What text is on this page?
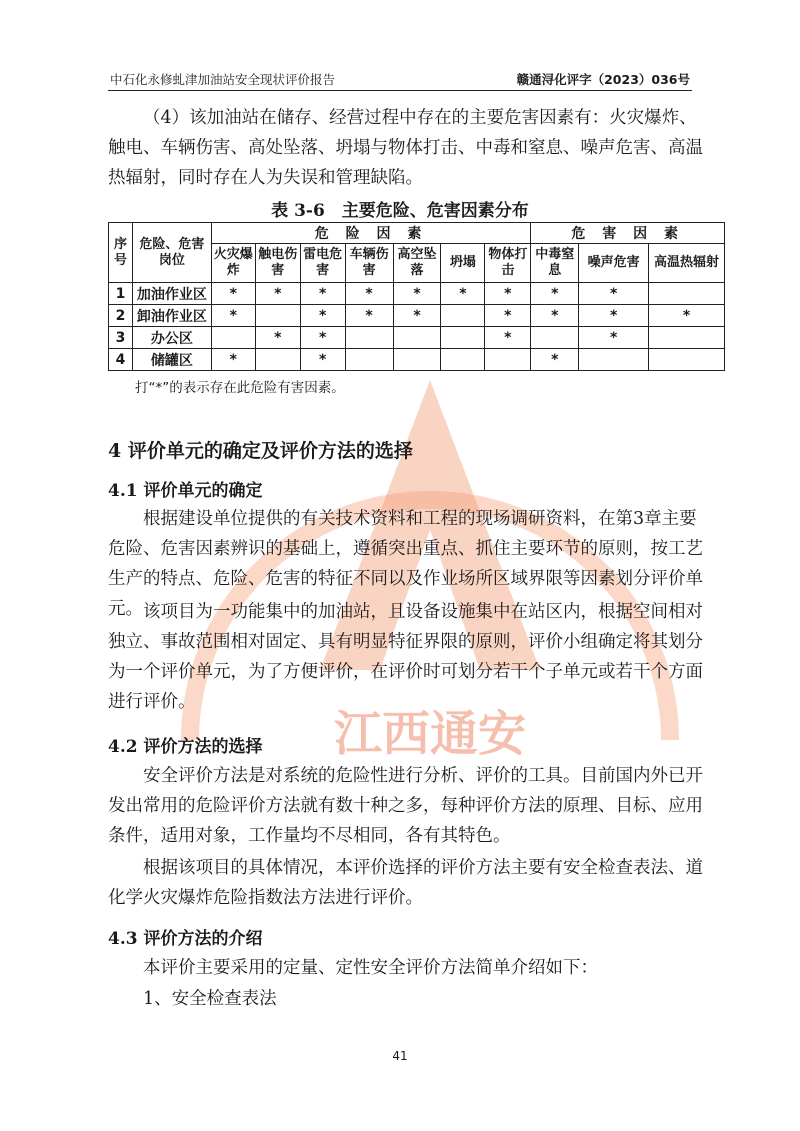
江西通安
中石化永修虬津加油站安全现状评价报告	赣通浔化评字（2023）036号

（4）该加油站在储存、经营过程中存在的主要危害因素有：火灾爆炸、触电、车辆伤害、高处坠落、坍塌与物体打击、中毒和窒息、噪声危害、高温热辐射，同时存在人为失误和管理缺陷。

表 3-6　主要危险、危害因素分布
序号	危险、危害岗位	危 险 因 素							危 害 因 素		
		火灾爆炸	触电伤害	雷电危害	车辆伤害	高空坠落	坍塌	物体打击	中毒窒息	噪声危害	高温热辐射
1	加油作业区	*	*	*	*	*	*	*	*	*	
2	卸油作业区	*		*	*	*		*	*	*	*
3	办公区		*	*				*		*	
4	储罐区	*		*					*		
打“*”的表示存在此危险有害因素。
4 评价单元的确定及评价方法的选择
4.1 评价单元的确定

根据建设单位提供的有关技术资料和工程的现场调研资料，在第3章主要危险、危害因素辨识的基础上，遵循突出重点、抓住主要环节的原则，按工艺生产的特点、危险、危害的特征不同以及作业场所区域界限等因素划分评价单元。 该项目为一功能集中的加油站，且设备设施集中在站区内，根据空间相对独立、事故范围相对固定、具有明显特征界限的原则，评价小组确定将其划分为一个评价单元，为了方便评价，在评价时可划分若干个子单元或若干个方面进行评价。

4.2 评价方法的选择

安全评价方法是对系统的危险性进行分析、评价的工具。目前国内外已开发出常用的危险评价方法就有数十种之多，每种评价方法的原理、目标、应用条件，适用对象，工作量均不尽相同，各有其特色。

根据该项目的具体情况，本评价选择的评价方法主要有安全检查表法、道化学火灾爆炸危险指数法方法进行评价。

4.3 评价方法的介绍

本评价主要采用的定量、定性安全评价方法简单介绍如下：

1、安全检查表法

41
